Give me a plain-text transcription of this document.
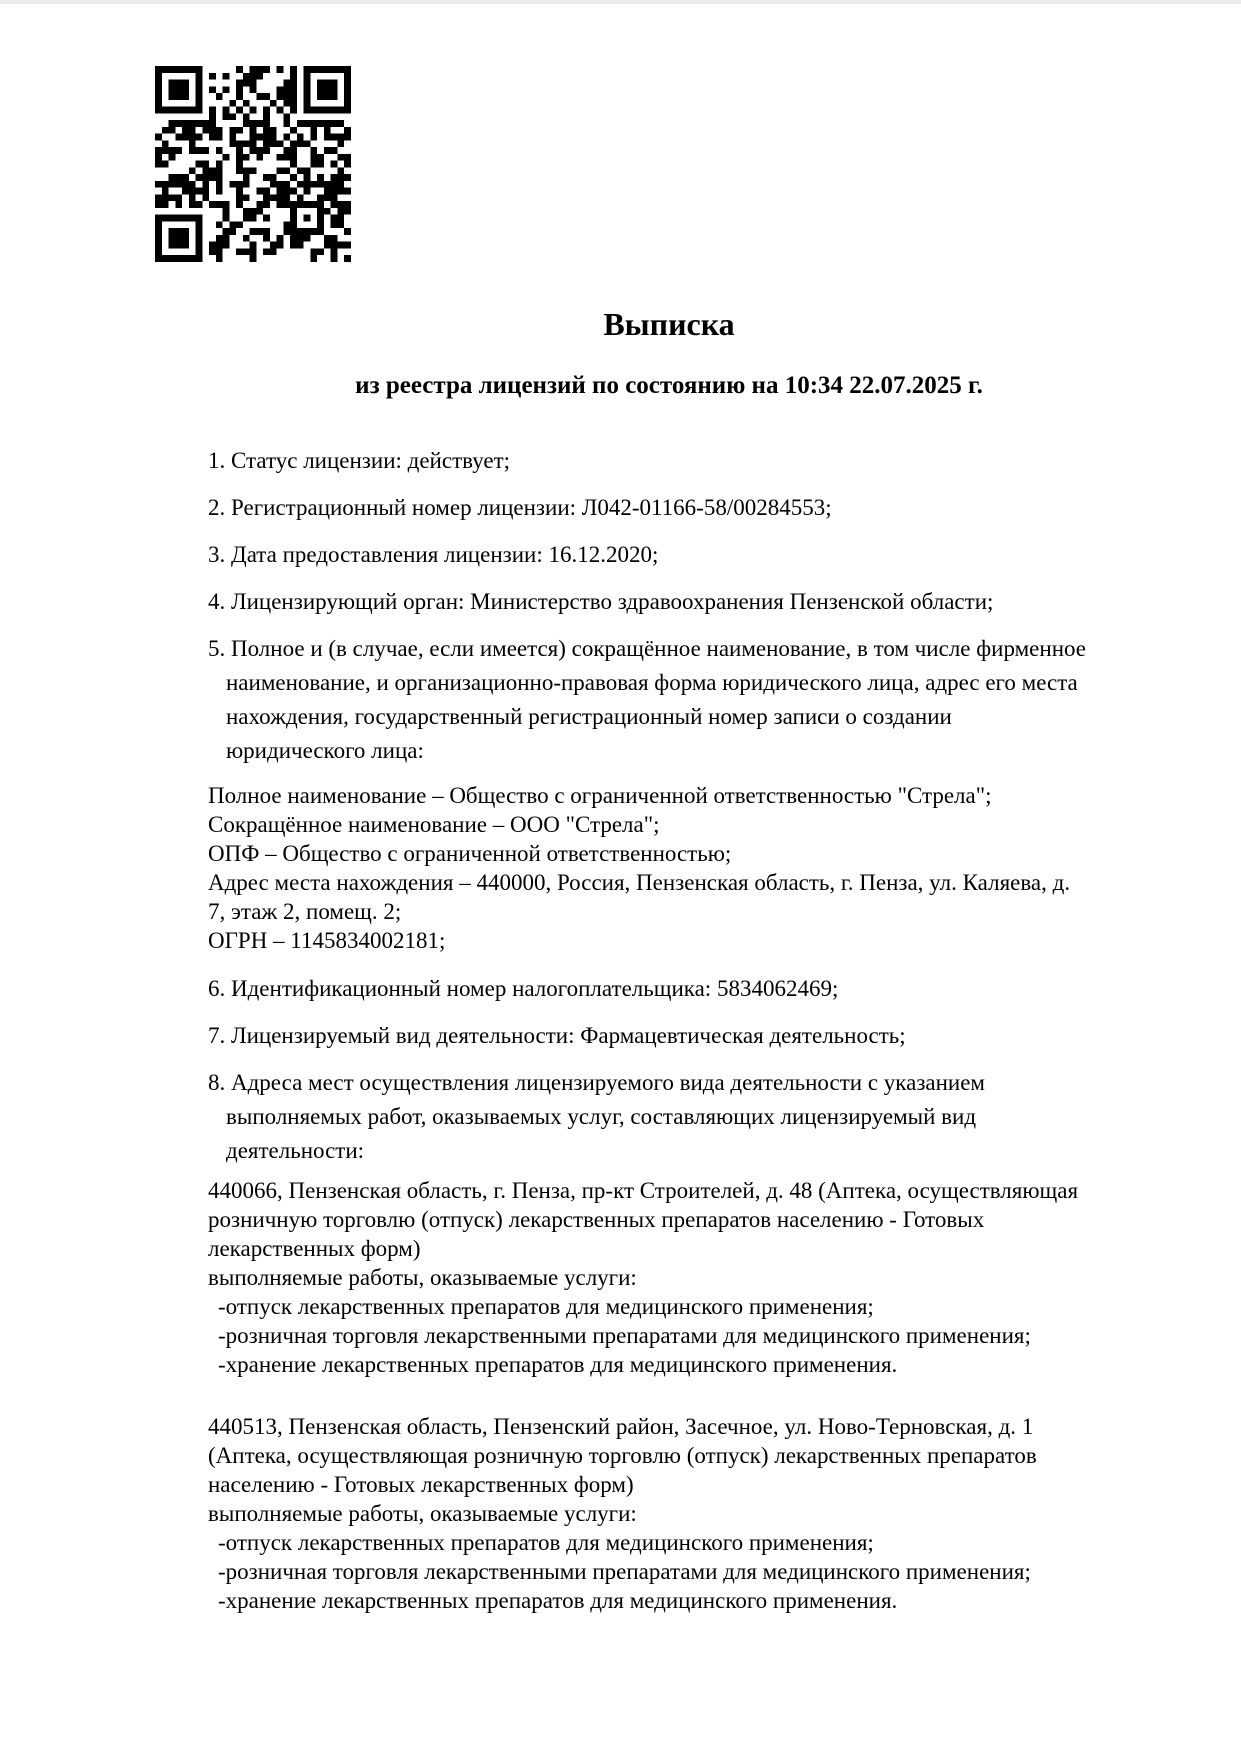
Выписка
из реестра лицензий по состоянию на 10:34 22.07.2025 г.
1. Статус лицензии: действует;
2. Регистрационный номер лицензии: Л042-01166-58/00284553;
3. Дата предоставления лицензии: 16.12.2020;
4. Лицензирующий орган: Министерство здравоохранения Пензенской области;
5. Полное и (в случае, если имеется) сокращённое наименование, в том числе фирменное
наименование, и организационно-правовая форма юридического лица, адрес его места
нахождения, государственный регистрационный номер записи о создании
юридического лица:
Полное наименование – Общество с ограниченной ответственностью "Стрела";
Сокращённое наименование – ООО "Стрела";
ОПФ – Общество с ограниченной ответственностью;
Адрес места нахождения – 440000, Россия, Пензенская область, г. Пенза, ул. Каляева, д.
7, этаж 2, помещ. 2;
ОГРН – 1145834002181;
6. Идентификационный номер налогоплательщика: 5834062469;
7. Лицензируемый вид деятельности: Фармацевтическая деятельность;
8. Адреса мест осуществления лицензируемого вида деятельности с указанием
выполняемых работ, оказываемых услуг, составляющих лицензируемый вид
деятельности:
440066, Пензенская область, г. Пенза, пр-кт Строителей, д. 48 (Аптека, осуществляющая
розничную торговлю (отпуск) лекарственных препаратов населению - Готовых
лекарственных форм)
выполняемые работы, оказываемые услуги:
-отпуск лекарственных препаратов для медицинского применения;
-розничная торговля лекарственными препаратами для медицинского применения;
-хранение лекарственных препаратов для медицинского применения.
440513, Пензенская область, Пензенский район, Засечное, ул. Ново-Терновская, д. 1
(Аптека, осуществляющая розничную торговлю (отпуск) лекарственных препаратов
населению - Готовых лекарственных форм)
выполняемые работы, оказываемые услуги:
-отпуск лекарственных препаратов для медицинского применения;
-розничная торговля лекарственными препаратами для медицинского применения;
-хранение лекарственных препаратов для медицинского применения.
